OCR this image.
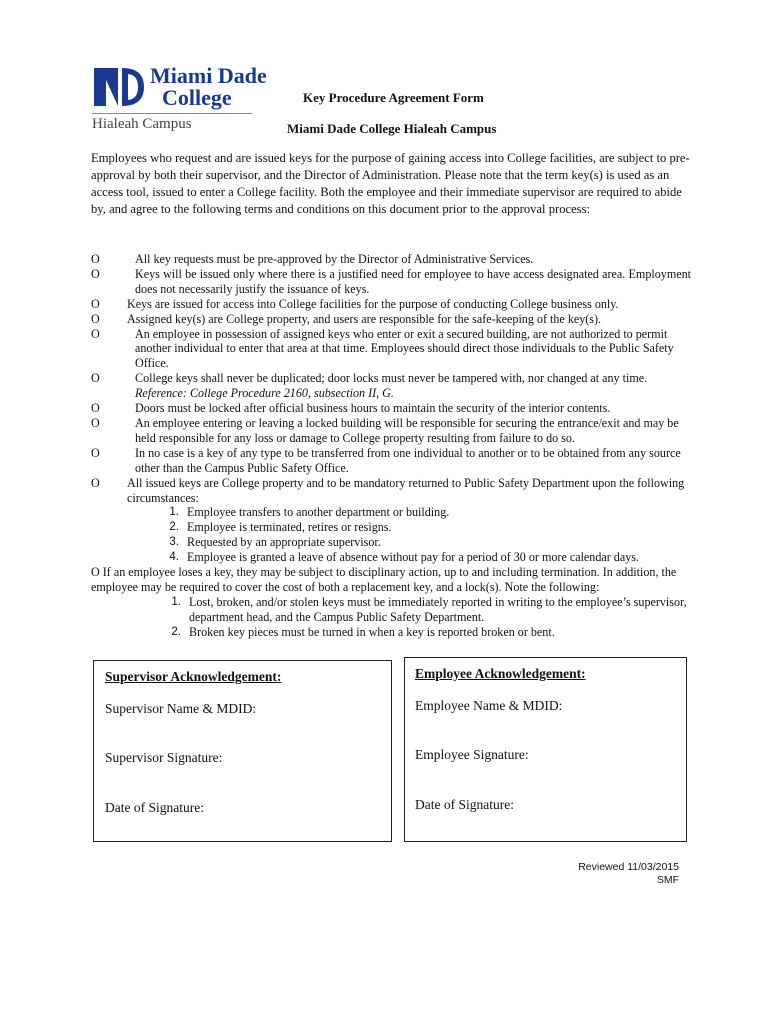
Miami Dade
College
Hialeah Campus
Key Procedure Agreement Form
Miami Dade College Hialeah Campus
Employees who request and are issued keys for the purpose of gaining access into College facilities, are subject to pre-approval by both their supervisor, and the Director of Administration. Please note that the term key(s) is used as an access tool, issued to enter a College facility. Both the employee and their immediate supervisor are required to abide by, and agree to the following terms and conditions on this document prior to the approval process:
O	All key requests must be pre-approved by the Director of Administrative Services.
O	Keys will be issued only where there is a justified need for employee to have access designated area. Employment does not necessarily justify the issuance of keys.
O	Keys are issued for access into College facilities for the purpose of conducting College business only.
O	Assigned key(s) are College property, and users are responsible for the safe-keeping of the key(s).
O	An employee in possession of assigned keys who enter or exit a secured building, are not authorized to permit another individual to enter that area at that time. Employees should direct those individuals to the Public Safety Office.
O	College keys shall never be duplicated; door locks must never be tampered with, nor changed at any time.
Reference: College Procedure 2160, subsection II, G.
O	Doors must be locked after official business hours to maintain the security of the interior contents.
O	An employee entering or leaving a locked building will be responsible for securing the entrance/exit and may be held responsible for any loss or damage to College property resulting from failure to do so.
O	In no case is a key of any type to be transferred from one individual to another or to be obtained from any source other than the Campus Public Safety Office.
O	All issued keys are College property and to be mandatory returned to Public Safety Department upon the following circumstances:
1. Employee transfers to another department or building.
2. Employee is terminated, retires or resigns.
3. Requested by an appropriate supervisor.
4. Employee is granted a leave of absence without pay for a period of 30 or more calendar days.
O If an employee loses a key, they may be subject to disciplinary action, up to and including termination. In addition, the employee may be required to cover the cost of both a replacement key, and a lock(s). Note the following:
1. Lost, broken, and/or stolen keys must be immediately reported in writing to the employee’s supervisor, department head, and the Campus Public Safety Department.
2. Broken key pieces must be turned in when a key is reported broken or bent.
Supervisor Acknowledgement:
Supervisor Name & MDID:
Supervisor Signature:
Date of Signature:
Employee Acknowledgement:
Employee Name & MDID:
Employee Signature:
Date of Signature:
Reviewed 11/03/2015
SMF
